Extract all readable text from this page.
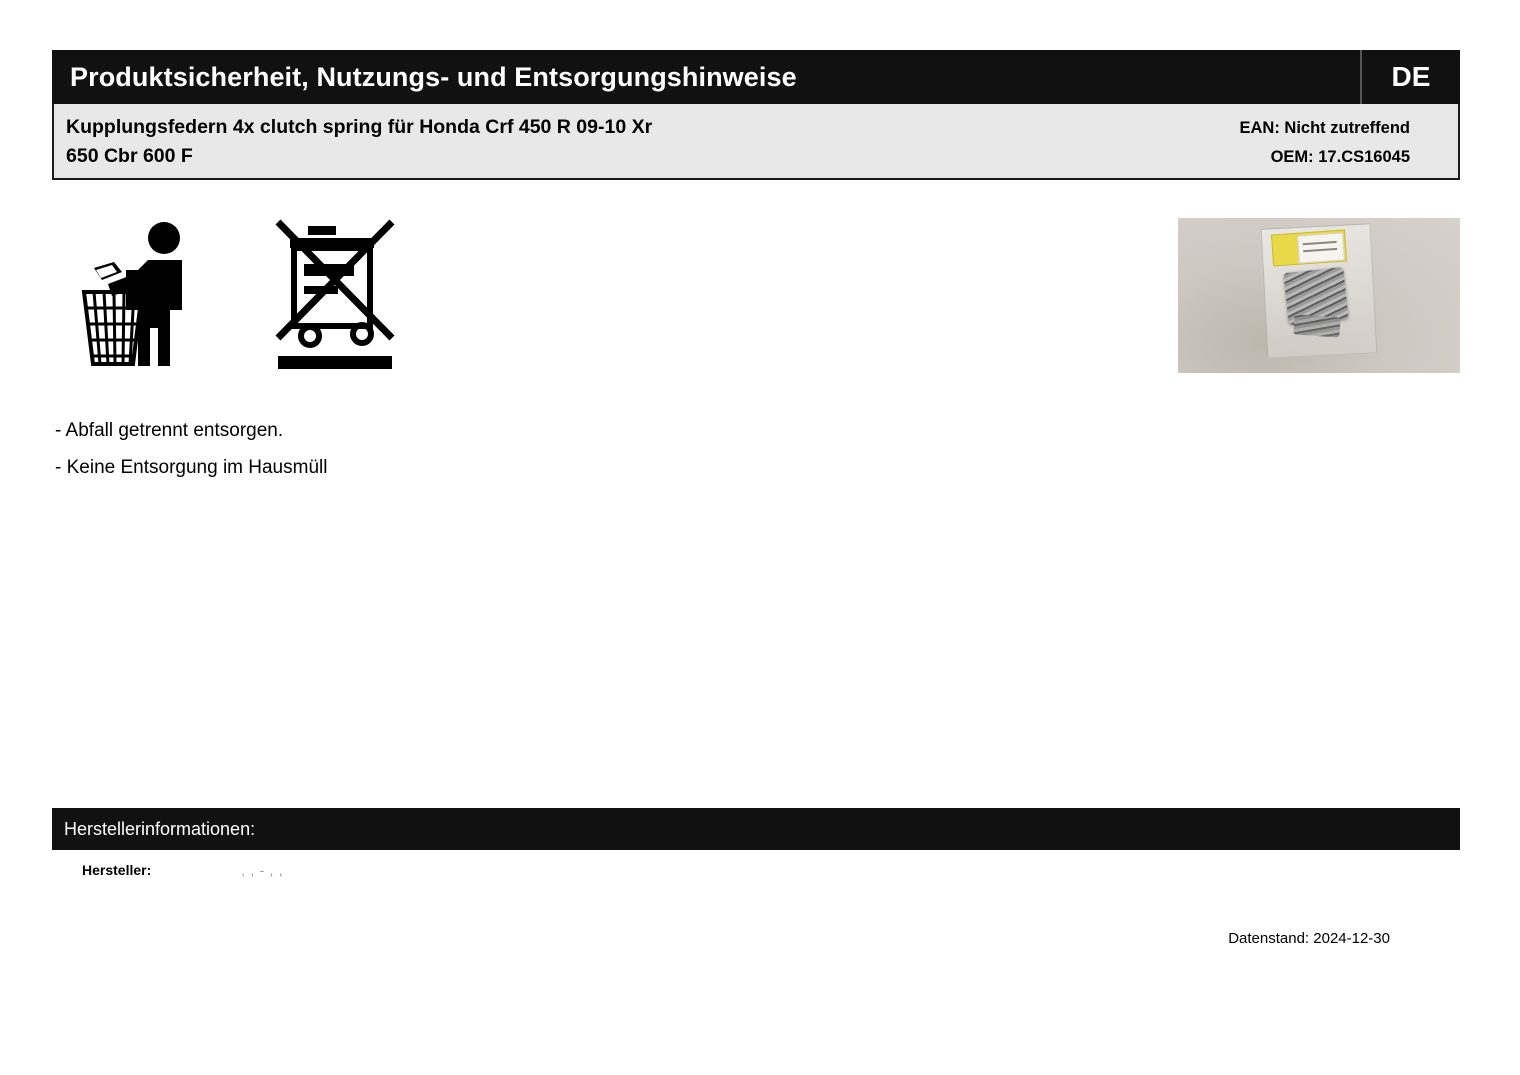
Produktsicherheit, Nutzungs- und Entsorgungshinweise	DE
Kupplungsfedern 4x clutch spring für Honda Crf 450 R 09-10 Xr
650 Cbr 600 F
EAN: Nicht zutreffend
OEM: 17.CS16045
- Abfall getrennt entsorgen.
- Keine Entsorgung im Hausmüll
Herstellerinformationen:
Hersteller:	, , - , ,
Datenstand: 2024-12-30
